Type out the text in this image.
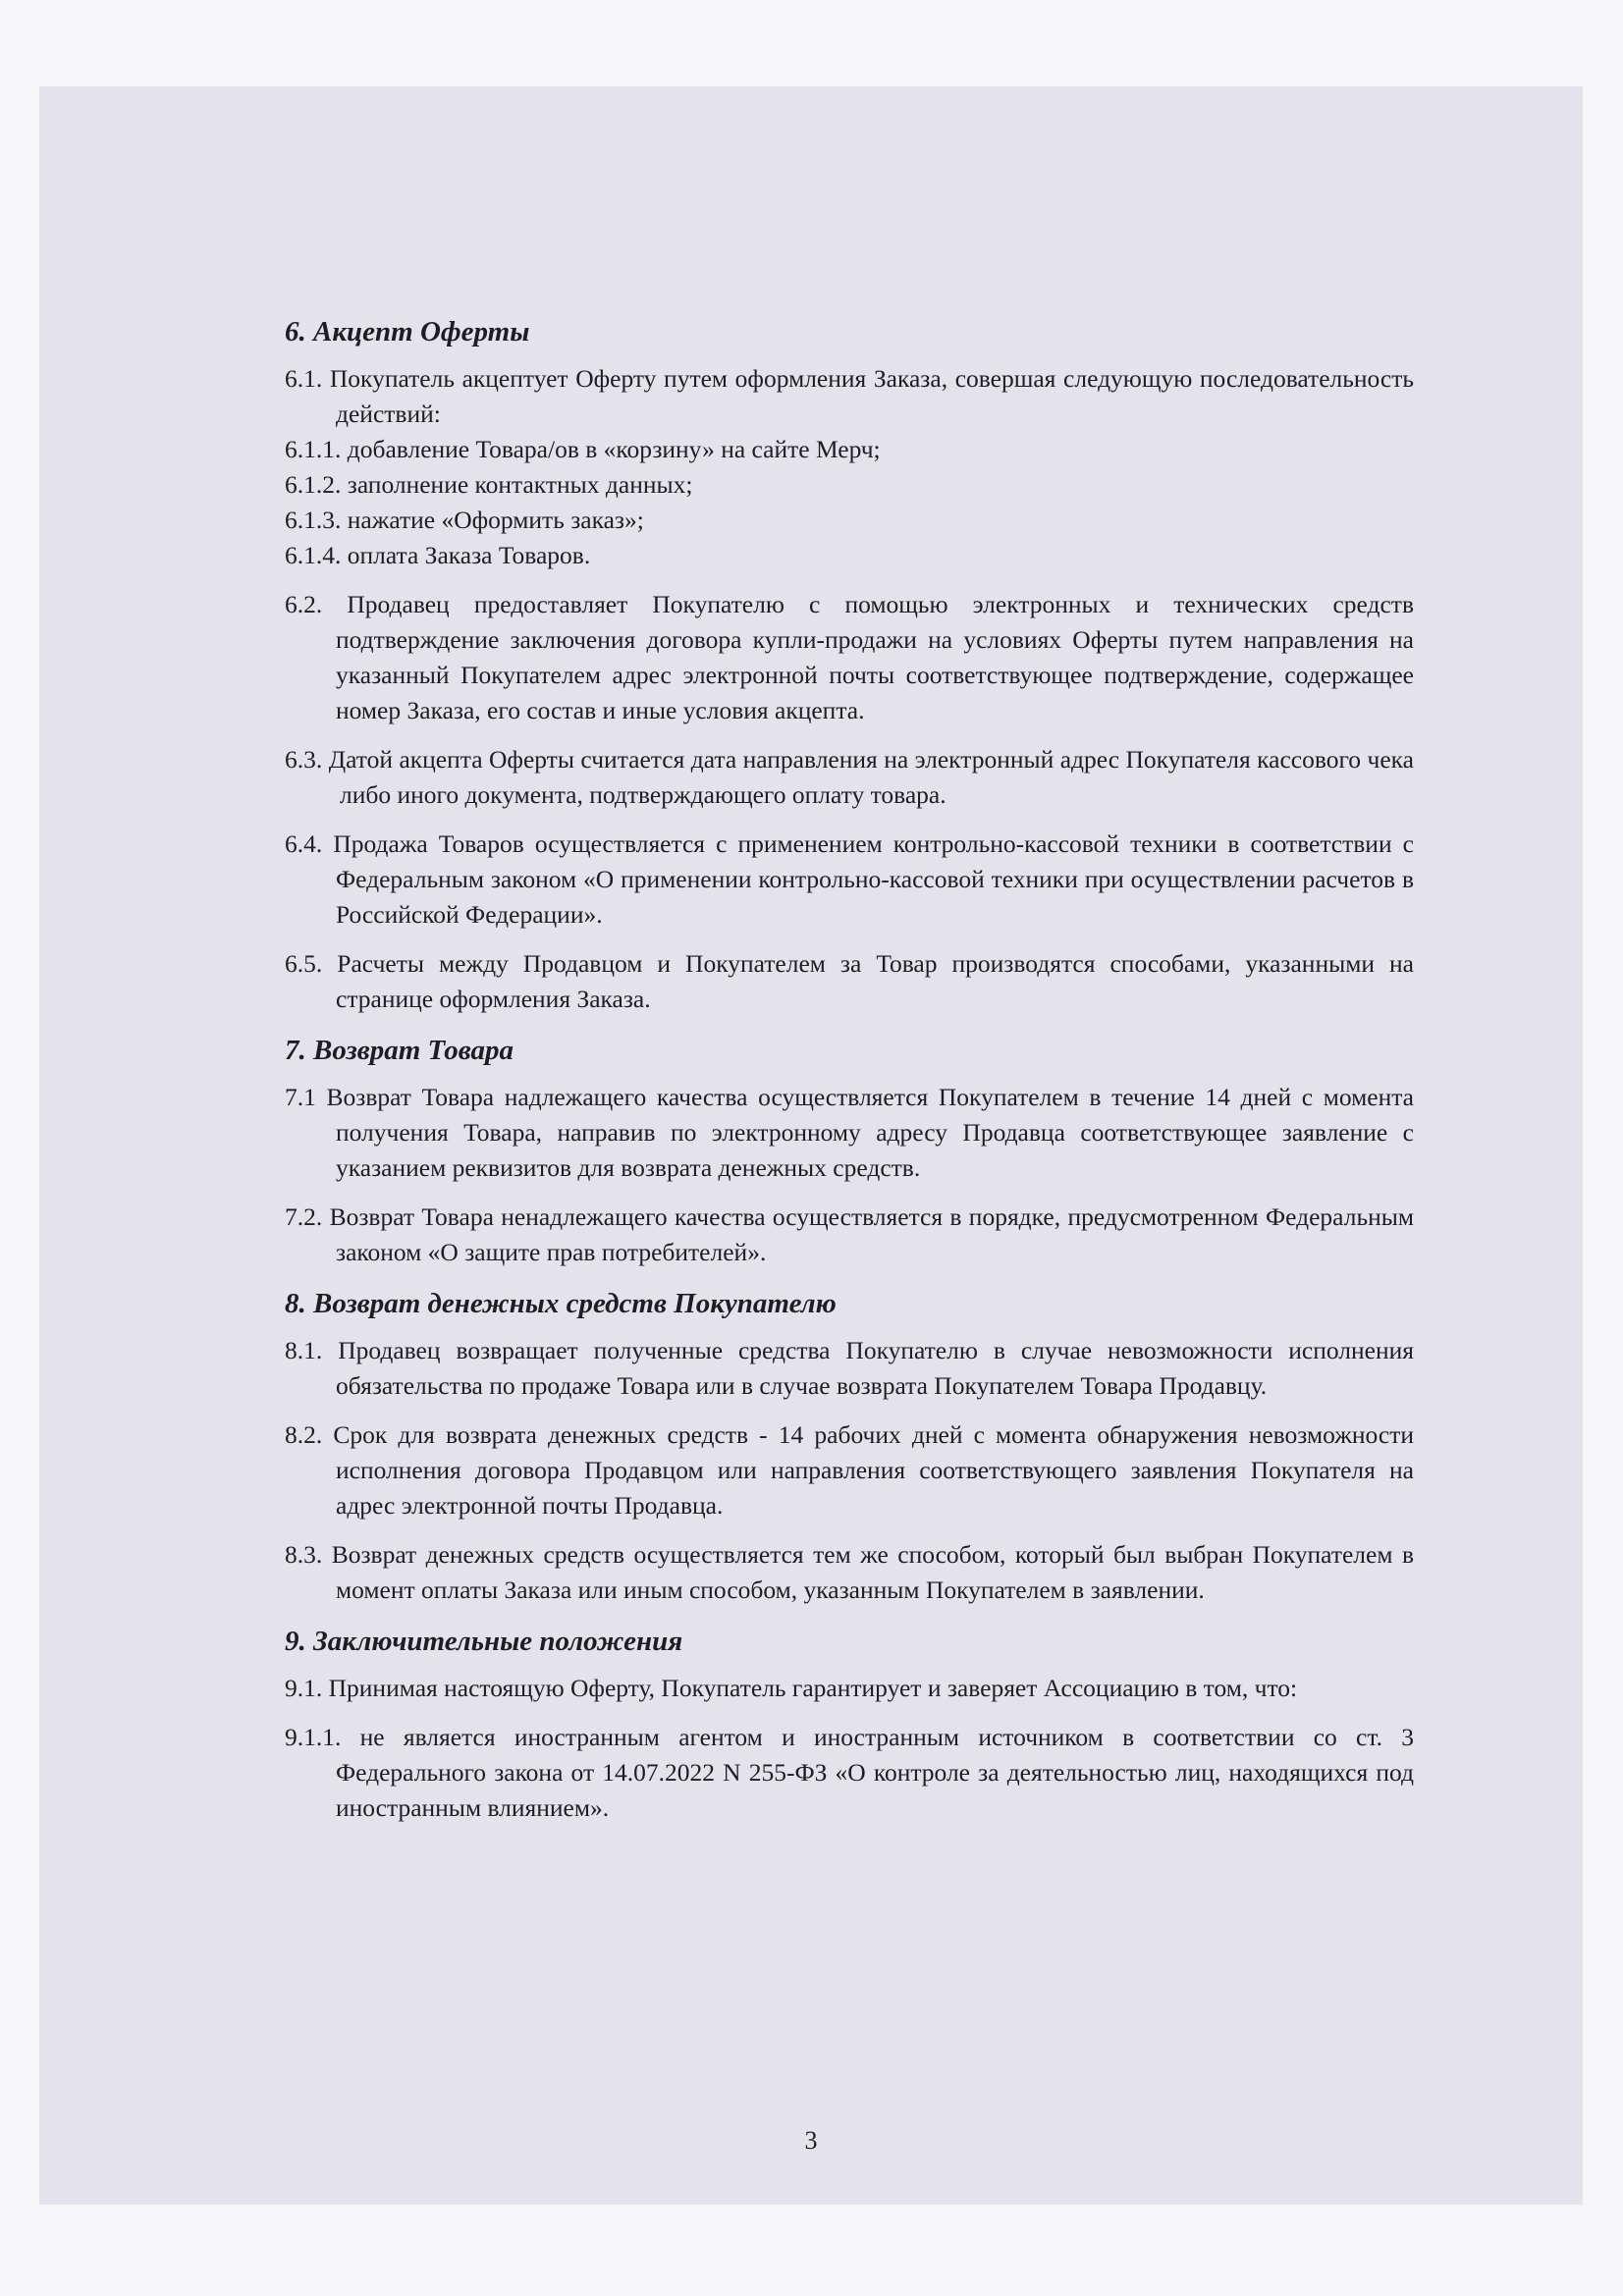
6. Акцепт Оферты
6.1. Покупатель акцептует Оферту путем оформления Заказа, совершая следующую последовательность действий:
6.1.1. добавление Товара/ов в «корзину» на сайте Мерч;
6.1.2. заполнение контактных данных;
6.1.3. нажатие «Оформить заказ»;
6.1.4. оплата Заказа Товаров.
6.2. Продавец предоставляет Покупателю с помощью электронных и технических средств подтверждение заключения договора купли-продажи на условиях Оферты путем направления на указанный Покупателем адрес электронной почты соответствующее подтверждение, содержащее номер Заказа, его состав и иные условия акцепта.
6.3. Датой акцепта Оферты считается дата направления на электронный адрес Покупателя кассового чека либо иного документа, подтверждающего оплату товара.
6.4. Продажа Товаров осуществляется с применением контрольно-кассовой техники в соответствии с Федеральным законом «О применении контрольно-кассовой техники при осуществлении расчетов в Российской Федерации».
6.5. Расчеты между Продавцом и Покупателем за Товар производятся способами, указанными на странице оформления Заказа.
7. Возврат Товара
7.1 Возврат Товара надлежащего качества осуществляется Покупателем в течение 14 дней с момента получения Товара, направив по электронному адресу Продавца соответствующее заявление с указанием реквизитов для возврата денежных средств.
7.2. Возврат Товара ненадлежащего качества осуществляется в порядке, предусмотренном Федеральным законом «О защите прав потребителей».
8. Возврат денежных средств Покупателю
8.1. Продавец возвращает полученные средства Покупателю в случае невозможности исполнения обязательства по продаже Товара или в случае возврата Покупателем Товара Продавцу.
8.2. Срок для возврата денежных средств - 14 рабочих дней с момента обнаружения невозможности исполнения договора Продавцом или направления соответствующего заявления Покупателя на адрес электронной почты Продавца.
8.3. Возврат денежных средств осуществляется тем же способом, который был выбран Покупателем в момент оплаты Заказа или иным способом, указанным Покупателем в заявлении.
9. Заключительные положения
9.1. Принимая настоящую Оферту, Покупатель гарантирует и заверяет Ассоциацию в том, что:
9.1.1. не является иностранным агентом и иностранным источником в соответствии со ст. 3 Федерального закона от 14.07.2022 N 255-ФЗ «О контроле за деятельностью лиц, находящихся под иностранным влиянием».
3
